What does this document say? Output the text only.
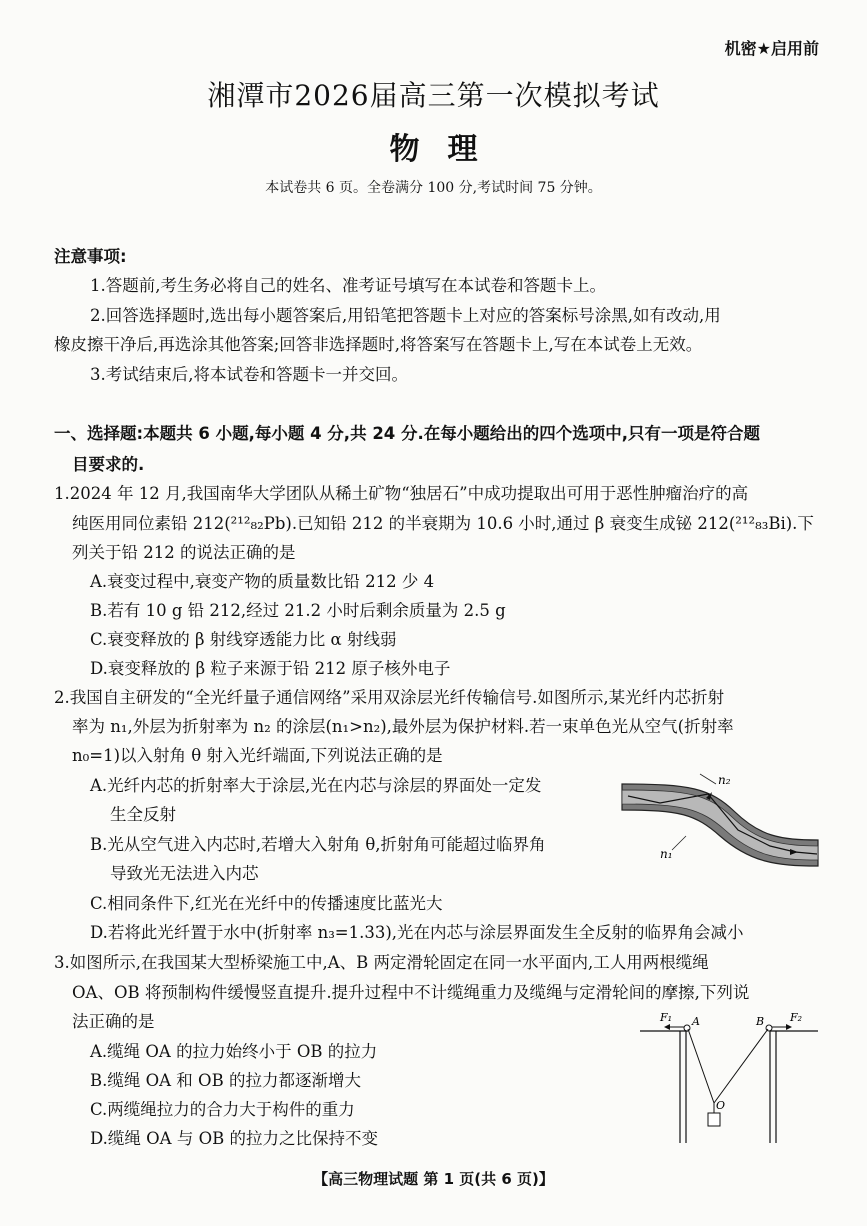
机密★启用前
湘潭市2026届高三第一次模拟考试
物理
本试卷共 6 页。全卷满分 100 分,考试时间 75 分钟。
注意事项:
1.答题前,考生务必将自己的姓名、准考证号填写在本试卷和答题卡上。
2.回答选择题时,选出每小题答案后,用铅笔把答题卡上对应的答案标号涂黑,如有改动,用
橡皮擦干净后,再选涂其他答案;回答非选择题时,将答案写在答题卡上,写在本试卷上无效。
3.考试结束后,将本试卷和答题卡一并交回。
一、选择题:本题共 6 小题,每小题 4 分,共 24 分.在每小题给出的四个选项中,只有一项是符合题
目要求的.
1.2024 年 12 月,我国南华大学团队从稀土矿物“独居石”中成功提取出可用于恶性肿瘤治疗的高
纯医用同位素铅 212(²¹²₈₂Pb).已知铅 212 的半衰期为 10.6 小时,通过 β 衰变生成铋 212(²¹²₈₃Bi).下
列关于铅 212 的说法正确的是
A.衰变过程中,衰变产物的质量数比铅 212 少 4
B.若有 10 g 铅 212,经过 21.2 小时后剩余质量为 2.5 g
C.衰变释放的 β 射线穿透能力比 α 射线弱
D.衰变释放的 β 粒子来源于铅 212 原子核外电子
2.我国自主研发的“全光纤量子通信网络”采用双涂层光纤传输信号.如图所示,某光纤内芯折射
率为 n₁,外层为折射率为 n₂ 的涂层(n₁>n₂),最外层为保护材料.若一束单色光从空气(折射率
n₀=1)以入射角 θ 射入光纤端面,下列说法正确的是
A.光纤内芯的折射率大于涂层,光在内芯与涂层的界面处一定发
生全反射
B.光从空气进入内芯时,若增大入射角 θ,折射角可能超过临界角
导致光无法进入内芯
C.相同条件下,红光在光纤中的传播速度比蓝光大
D.若将此光纤置于水中(折射率 n₃=1.33),光在内芯与涂层界面发生全反射的临界角会减小
n₂
n₁
3.如图所示,在我国某大型桥梁施工中,A、B 两定滑轮固定在同一水平面内,工人用两根缆绳
OA、OB 将预制构件缓慢竖直提升.提升过程中不计缆绳重力及缆绳与定滑轮间的摩擦,下列说
法正确的是
A.缆绳 OA 的拉力始终小于 OB 的拉力
B.缆绳 OA 和 OB 的拉力都逐渐增大
C.两缆绳拉力的合力大于构件的重力
D.缆绳 OA 与 OB 的拉力之比保持不变
F₁ A	B F₂
O
【高三物理试题 第 1 页(共 6 页)】
